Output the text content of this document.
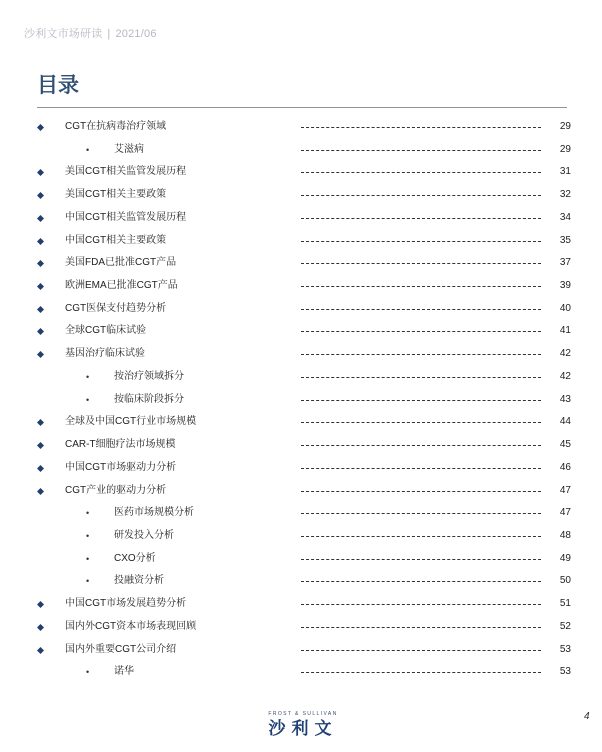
沙利文市场研读 | 2021/06
目录
CGT在抗病毒治疗领域	29
• 艾滋病	29
美国CGT相关监管发展历程	31
美国CGT相关主要政策	32
中国CGT相关监管发展历程	34
中国CGT相关主要政策	35
美国FDA已批准CGT产品	37
欧洲EMA已批准CGT产品	39
CGT医保支付趋势分析	40
全球CGT临床试验	41
基因治疗临床试验	42
• 按治疗领域拆分	42
• 按临床阶段拆分	43
全球及中国CGT行业市场规模	44
CAR-T细胞疗法市场规模	45
中国CGT市场驱动力分析	46
CGT产业的驱动力分析	47
• 医药市场规模分析	47
• 研发投入分析	48
• CXO分析	49
• 投融资分析	50
中国CGT市场发展趋势分析	51
国内外CGT资本市场表现回顾	52
国内外重要CGT公司介绍	53
• 诺华	53
FROST & SULLIVAN
沙利文
4
